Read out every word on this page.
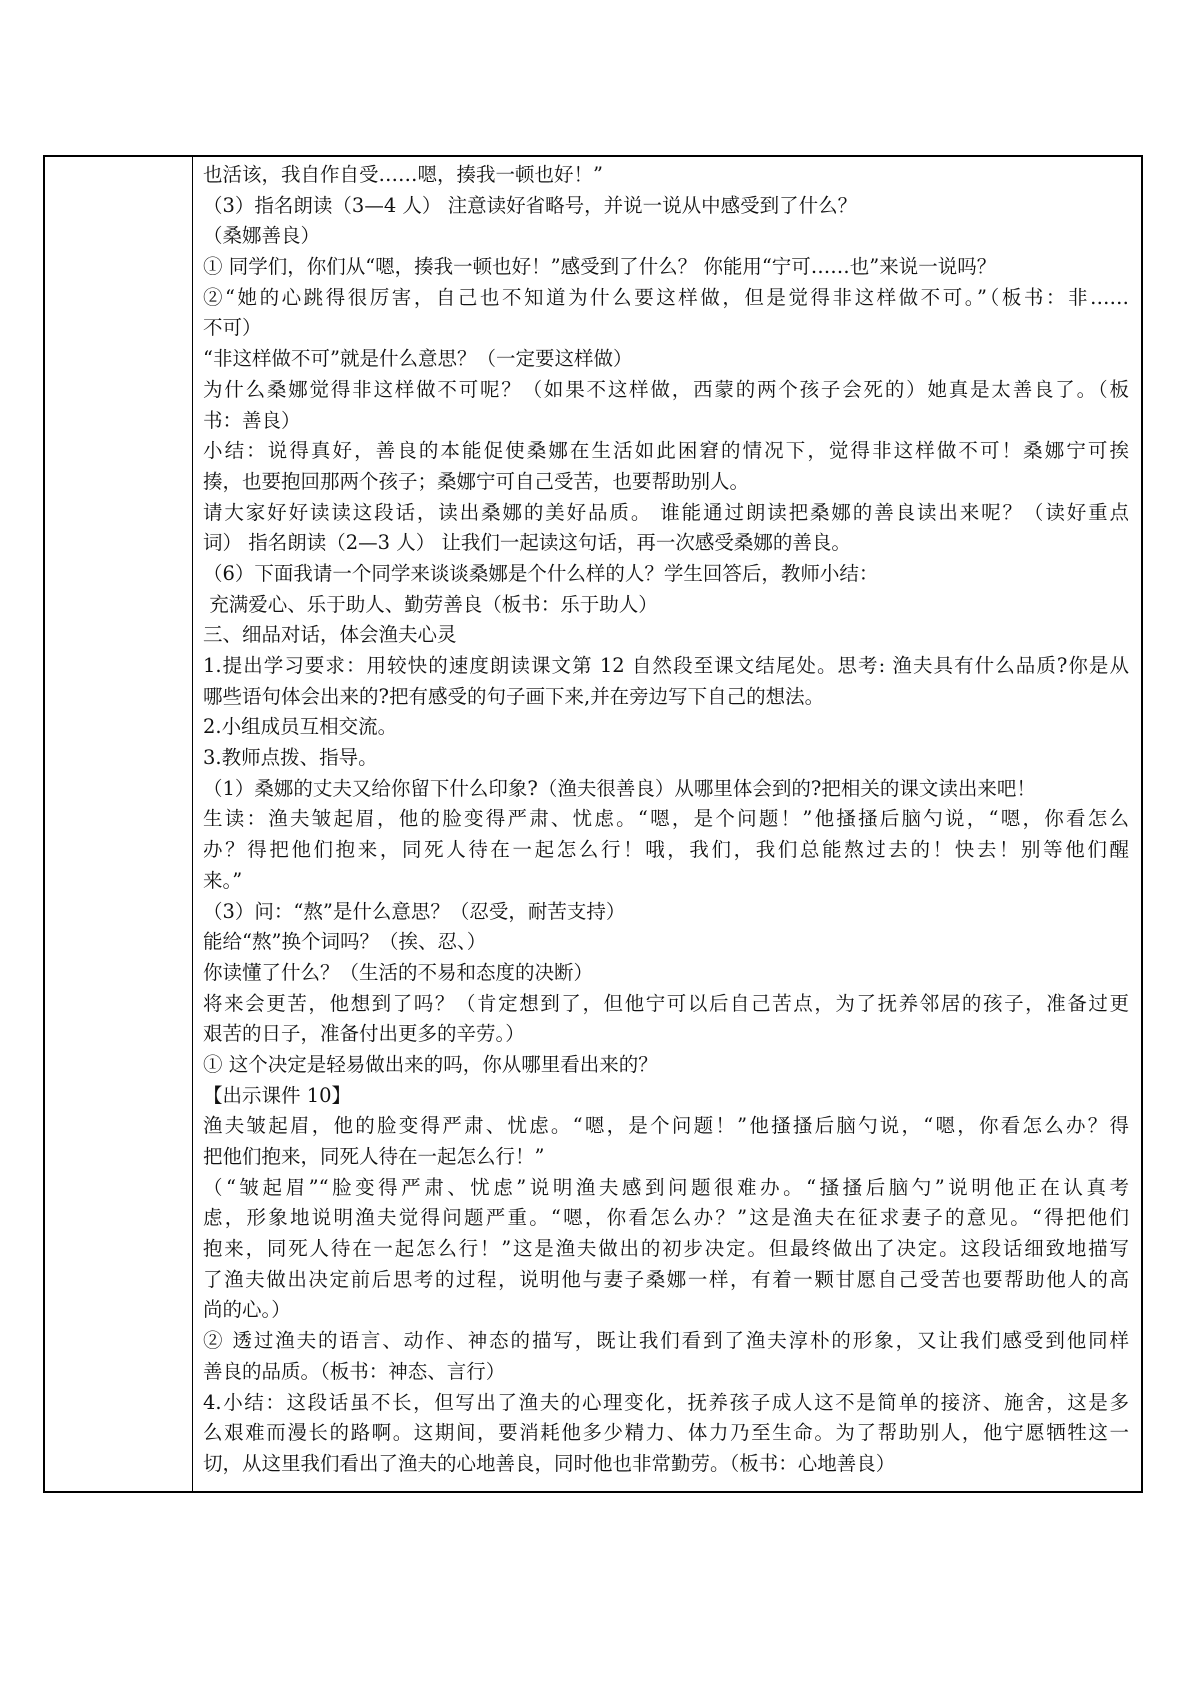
也活该，我自作自受……嗯，揍我一顿也好！”
（3）指名朗读（3—4 人） 注意读好省略号，并说一说从中感受到了什么？
（桑娜善良）
① 同学们，你们从“嗯，揍我一顿也好！”感受到了什么？ 你能用“宁可……也”来说一说吗？
②“她的心跳得很厉害，自己也不知道为什么要这样做，但是觉得非这样做不可。”（板书：非……
不可）
“非这样做不可”就是什么意思？（一定要这样做）
为什么桑娜觉得非这样做不可呢？（如果不这样做，西蒙的两个孩子会死的）她真是太善良了。（板
书：善良）
小结：说得真好，善良的本能促使桑娜在生活如此困窘的情况下，觉得非这样做不可！桑娜宁可挨
揍，也要抱回那两个孩子；桑娜宁可自己受苦，也要帮助别人。
请大家好好读读这段话，读出桑娜的美好品质。 谁能通过朗读把桑娜的善良读出来呢？（读好重点
词） 指名朗读（2—3 人） 让我们一起读这句话，再一次感受桑娜的善良。
（6）下面我请一个同学来谈谈桑娜是个什么样的人？学生回答后，教师小结：
充满爱心、乐于助人、勤劳善良（板书：乐于助人）
三、细品对话，体会渔夫心灵
1.提出学习要求：用较快的速度朗读课文第 12 自然段至课文结尾处。思考: 渔夫具有什么品质?你是从
哪些语句体会出来的?把有感受的句子画下来,并在旁边写下自己的想法。
2.小组成员互相交流。
3.教师点拨、指导。
（1）桑娜的丈夫又给你留下什么印象?（渔夫很善良）从哪里体会到的?把相关的课文读出来吧！
生读：渔夫皱起眉，他的脸变得严肃、忧虑。“嗯，是个问题！”他搔搔后脑勺说，“嗯，你看怎么
办？得把他们抱来，同死人待在一起怎么行！哦，我们，我们总能熬过去的！快去！别等他们醒
来。”
（3）问：“熬”是什么意思？（忍受，耐苦支持）
能给“熬”换个词吗？（挨、忍、）
你读懂了什么？（生活的不易和态度的决断）
将来会更苦，他想到了吗？（肯定想到了，但他宁可以后自己苦点，为了抚养邻居的孩子，准备过更
艰苦的日子，准备付出更多的辛劳。）
① 这个决定是轻易做出来的吗，你从哪里看出来的？
【出示课件 10】
渔夫皱起眉，他的脸变得严肃、忧虑。“嗯，是个问题！”他搔搔后脑勺说，“嗯，你看怎么办？得
把他们抱来，同死人待在一起怎么行！”
（“皱起眉”“脸变得严肃、忧虑”说明渔夫感到问题很难办。“搔搔后脑勺”说明他正在认真考
虑，形象地说明渔夫觉得问题严重。“嗯，你看怎么办？”这是渔夫在征求妻子的意见。“得把他们
抱来，同死人待在一起怎么行！”这是渔夫做出的初步决定。但最终做出了决定。这段话细致地描写
了渔夫做出决定前后思考的过程，说明他与妻子桑娜一样，有着一颗甘愿自己受苦也要帮助他人的高
尚的心。）
② 透过渔夫的语言、动作、神态的描写，既让我们看到了渔夫淳朴的形象，又让我们感受到他同样
善良的品质。（板书：神态、言行）
4.小结：这段话虽不长，但写出了渔夫的心理变化，抚养孩子成人这不是简单的接济、施舍，这是多
么艰难而漫长的路啊。这期间，要消耗他多少精力、体力乃至生命。为了帮助别人，他宁愿牺牲这一
切，从这里我们看出了渔夫的心地善良，同时他也非常勤劳。（板书：心地善良）
